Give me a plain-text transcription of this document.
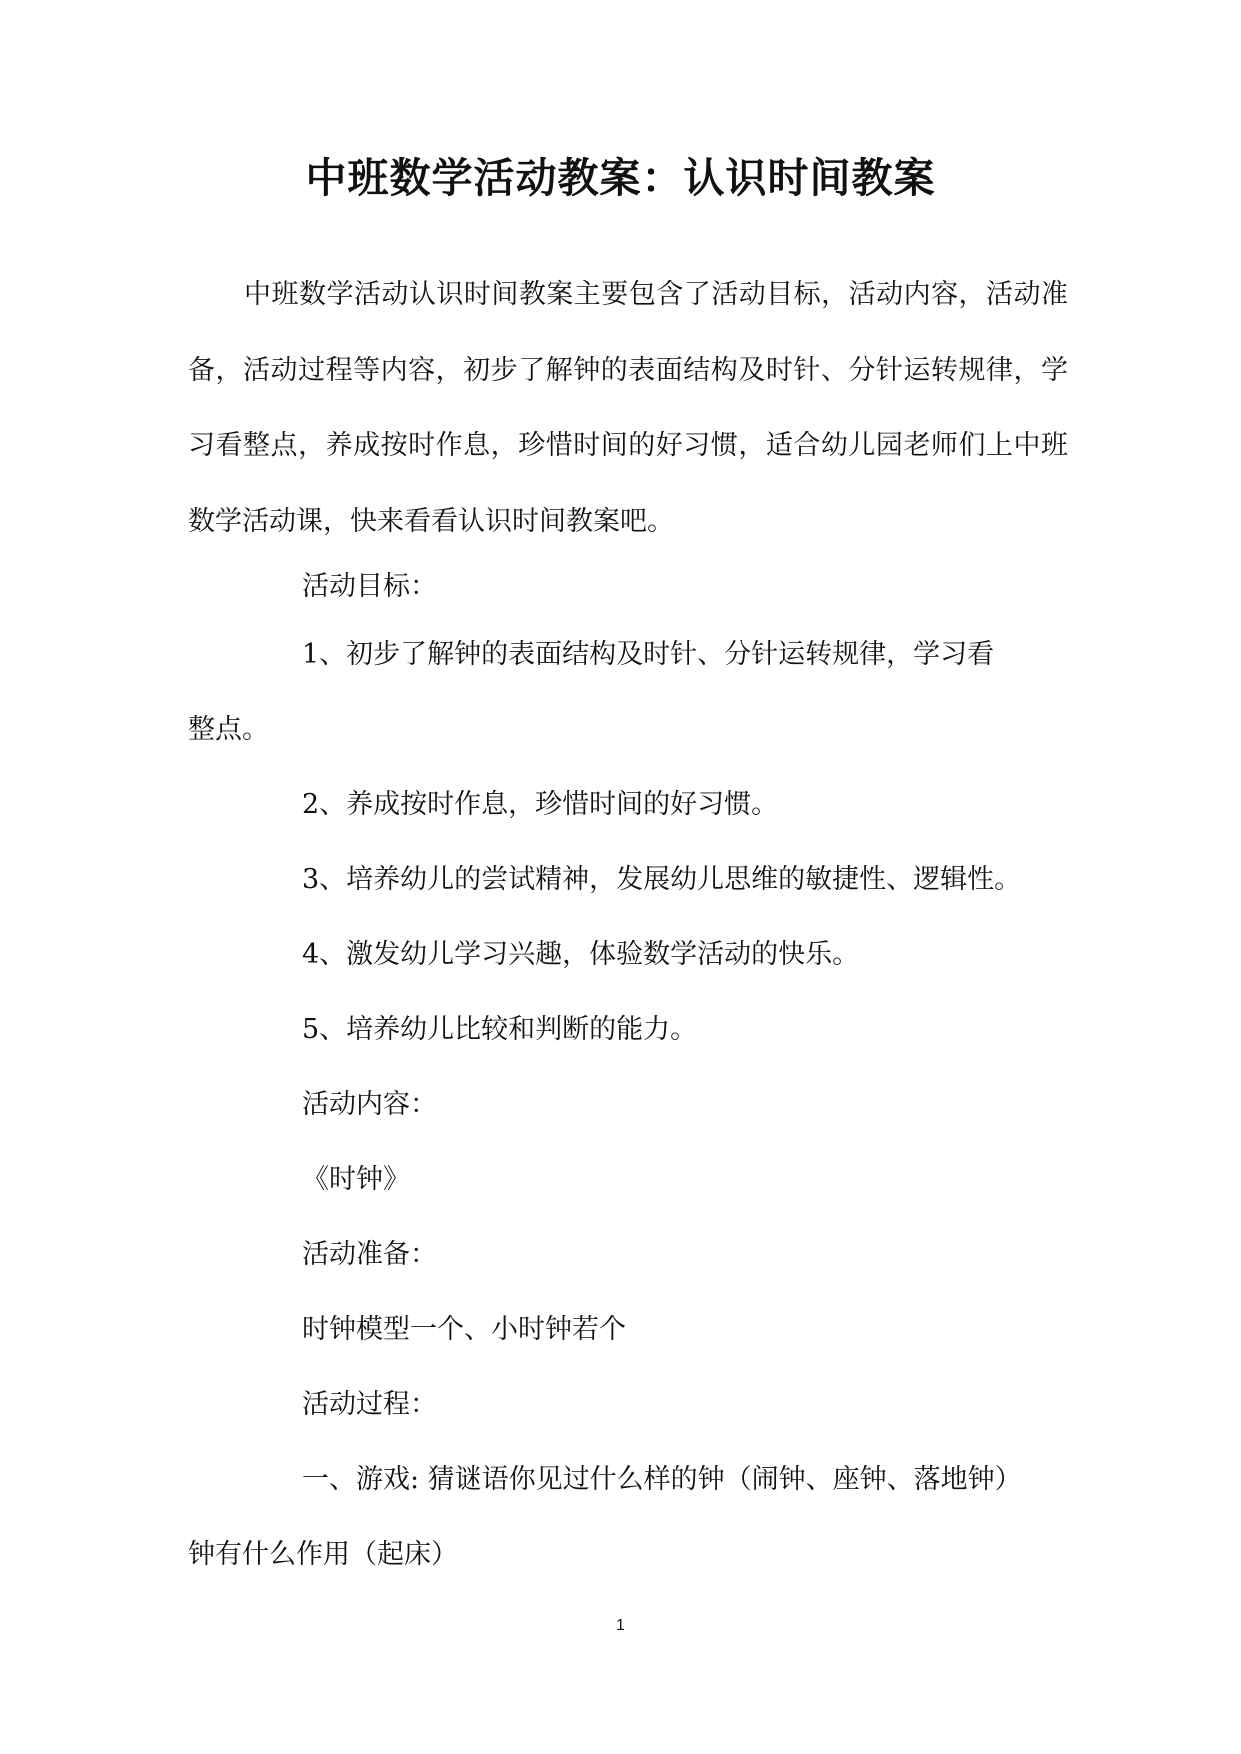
中班数学活动教案：认识时间教案

中班数学活动认识时间教案主要包含了活动目标，活动内容，活动准备，活动过程等内容，初步了解钟的表面结构及时针、分针运转规律，学习看整点，养成按时作息，珍惜时间的好习惯，适合幼儿园老师们上中班数学活动课，快来看看认识时间教案吧。

活动目标：

1、初步了解钟的表面结构及时针、分针运转规律，学习看

整点。

2、养成按时作息，珍惜时间的好习惯。

3、培养幼儿的尝试精神，发展幼儿思维的敏捷性、逻辑性。

4、激发幼儿学习兴趣，体验数学活动的快乐。

5、培养幼儿比较和判断的能力。

活动内容：

《时钟》

活动准备：

时钟模型一个、小时钟若个

活动过程：

一、游戏: 猜谜语你见过什么样的钟（闹钟、座钟、落地钟）

钟有什么作用（起床）

1
